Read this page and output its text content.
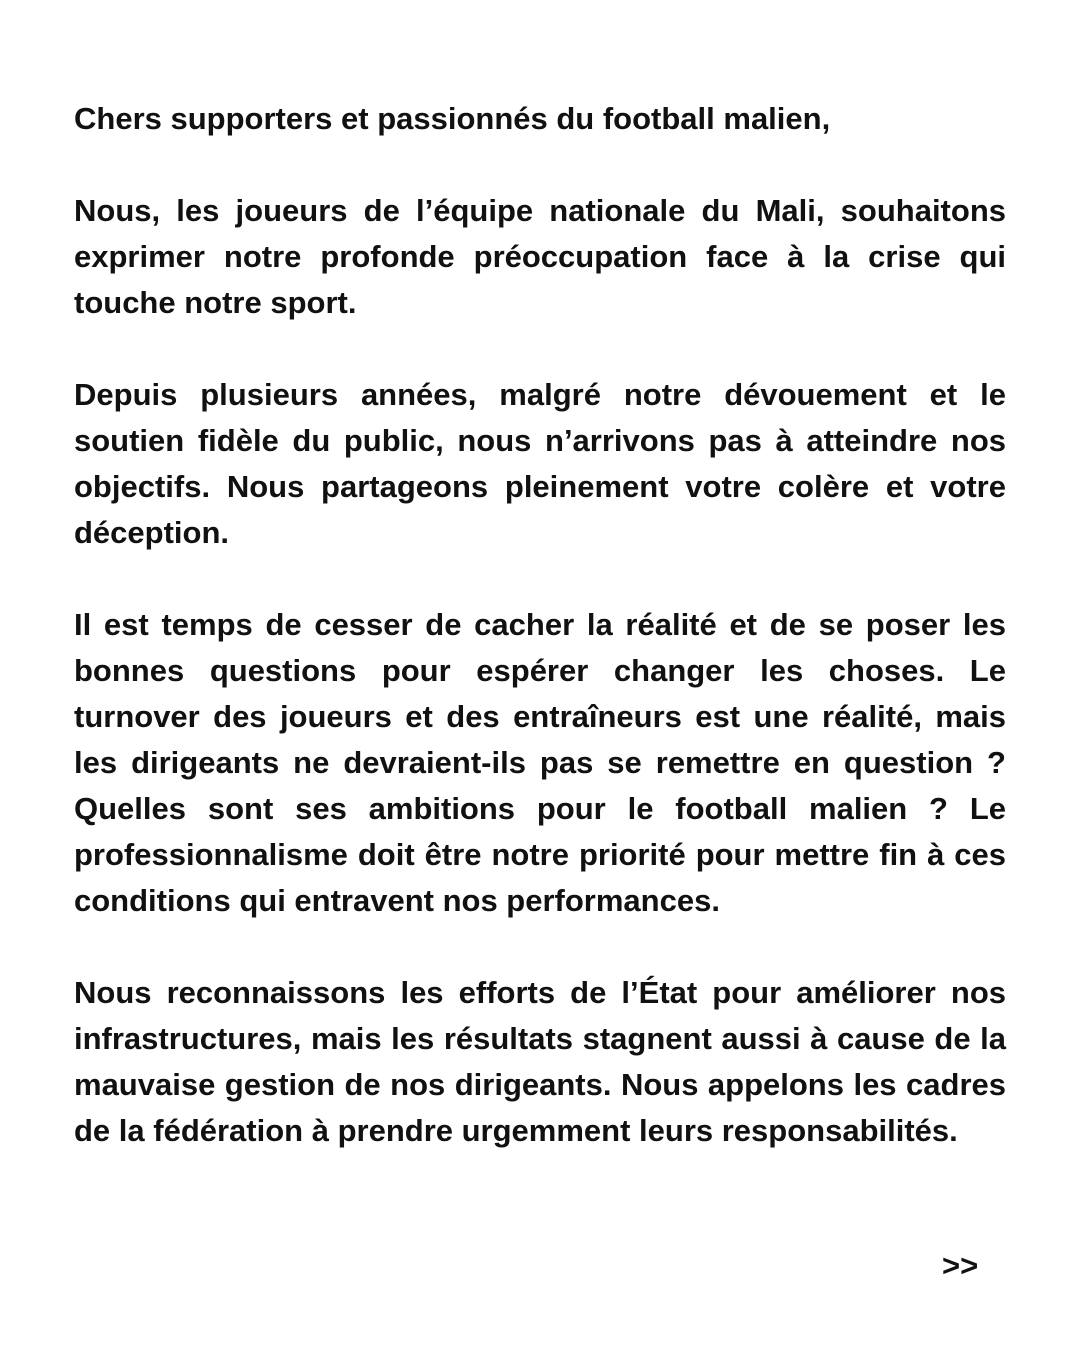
Chers supporters et passionnés du football malien,

Nous, les joueurs de l’équipe nationale du Mali, souhaitons exprimer notre profonde préoccupation face à la crise qui touche notre sport.

Depuis plusieurs années, malgré notre dévouement et le soutien fidèle du public, nous n’arrivons pas à atteindre nos objectifs. Nous partageons pleinement votre colère et votre déception.

Il est temps de cesser de cacher la réalité et de se poser les bonnes questions pour espérer changer les choses. Le turnover des joueurs et des entraîneurs est une réalité, mais les dirigeants ne devraient-ils pas se remettre en question ? Quelles sont ses ambitions pour le football malien ? Le professionnalisme doit être notre priorité pour mettre fin à ces conditions qui entravent nos performances.

Nous reconnaissons les efforts de l’État pour améliorer nos infrastructures, mais les résultats stagnent aussi à cause de la mauvaise gestion de nos dirigeants. Nous appelons les cadres de la fédération à prendre urgemment leurs responsabilités.

>>
